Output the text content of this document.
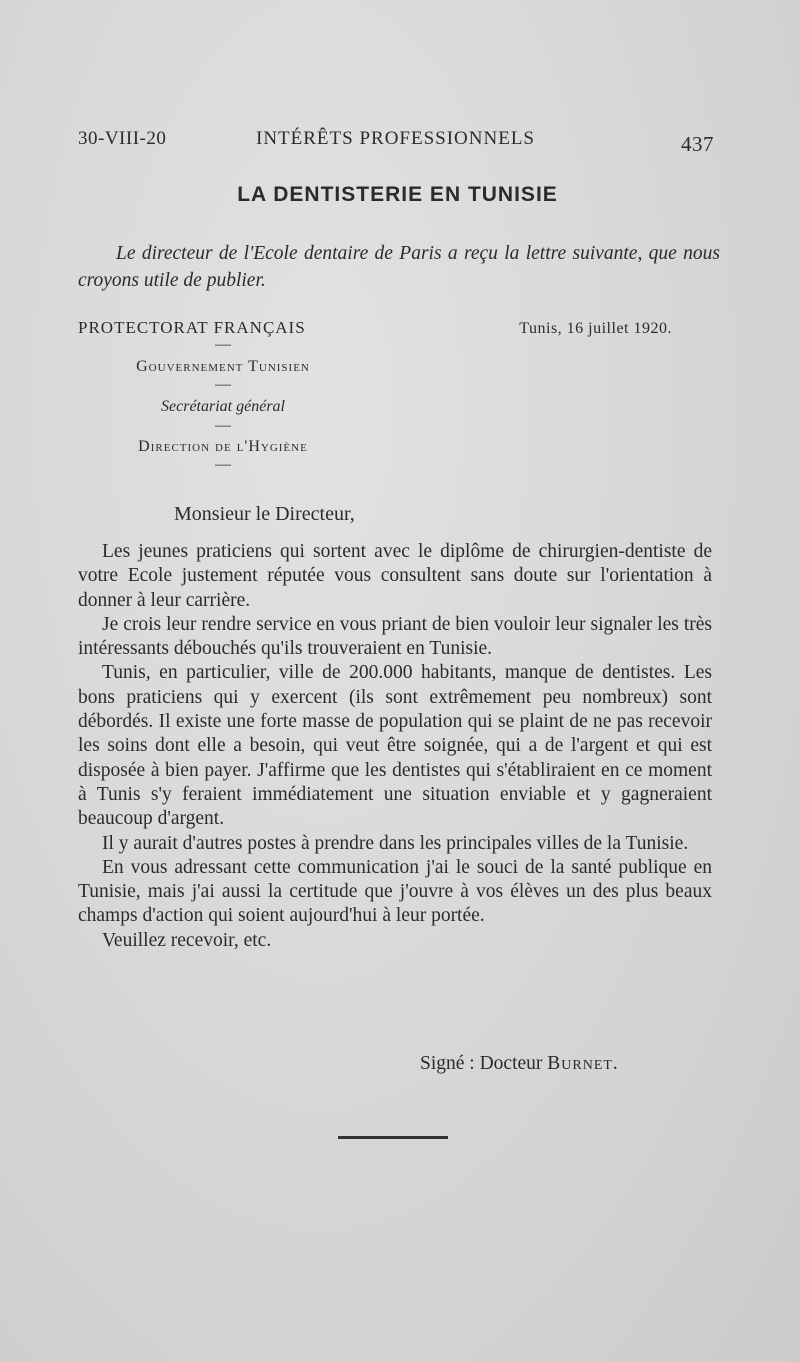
30-VIII-20	INTÉRÊTS PROFESSIONNELS	437
LA DENTISTERIE EN TUNISIE
Le directeur de l'Ecole dentaire de Paris a reçu la lettre suivante, que nous croyons utile de publier.
PROTECTORAT FRANÇAIS
—
Gouvernement Tunisien
—
Secrétariat général
—
Direction de l'Hygiène
—
Tunis, 16 juillet 1920.
Monsieur le Directeur,

Les jeunes praticiens qui sortent avec le diplôme de chirurgien-dentiste de votre Ecole justement réputée vous consultent sans doute sur l'orientation à donner à leur carrière.

Je crois leur rendre service en vous priant de bien vouloir leur signaler les très intéressants débouchés qu'ils trouveraient en Tunisie.

Tunis, en particulier, ville de 200.000 habitants, manque de dentistes. Les bons praticiens qui y exercent (ils sont extrêmement peu nombreux) sont débordés. Il existe une forte masse de population qui se plaint de ne pas recevoir les soins dont elle a besoin, qui veut être soignée, qui a de l'argent et qui est disposée à bien payer. J'affirme que les dentistes qui s'établiraient en ce moment à Tunis s'y feraient immédiatement une situation enviable et y gagneraient beaucoup d'argent.

Il y aurait d'autres postes à prendre dans les principales villes de la Tunisie.

En vous adressant cette communication j'ai le souci de la santé publique en Tunisie, mais j'ai aussi la certitude que j'ouvre à vos élèves un des plus beaux champs d'action qui soient aujourd'hui à leur portée.

Veuillez recevoir, etc.

Signé : Docteur Burnet.
